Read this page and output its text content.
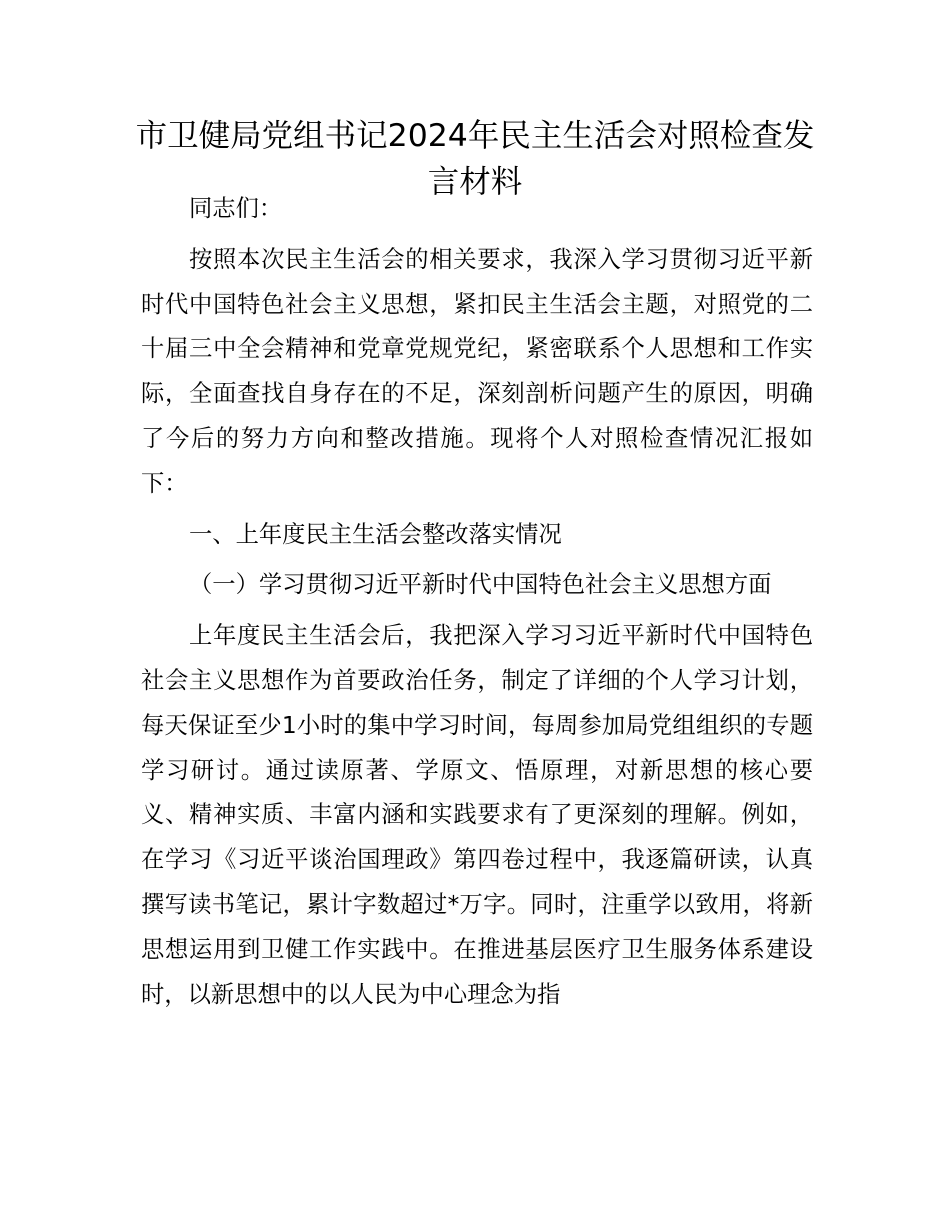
市卫健局党组书记2024年民主生活会对照检查发言材料

同志们：

按照本次民主生活会的相关要求，我深入学习贯彻习近平新时代中国特色社会主义思想，紧扣民主生活会主题，对照党的二十届三中全会精神和党章党规党纪，紧密联系个人思想和工作实际，全面查找自身存在的不足，深刻剖析问题产生的原因，明确了今后的努力方向和整改措施。现将个人对照检查情况汇报如下：

一、上年度民主生活会整改落实情况

（一）学习贯彻习近平新时代中国特色社会主义思想方面

上年度民主生活会后，我把深入学习习近平新时代中国特色社会主义思想作为首要政治任务，制定了详细的个人学习计划，每天保证至少1小时的集中学习时间，每周参加局党组组织的专题学习研讨。通过读原著、学原文、悟原理，对新思想的核心要义、精神实质、丰富内涵和实践要求有了更深刻的理解。例如，在学习《习近平谈治国理政》第四卷过程中，我逐篇研读，认真撰写读书笔记，累计字数超过*万字。同时，注重学以致用，将新思想运用到卫健工作实践中。在推进基层医疗卫生服务体系建设时，以新思想中的以人民为中心理念为指
